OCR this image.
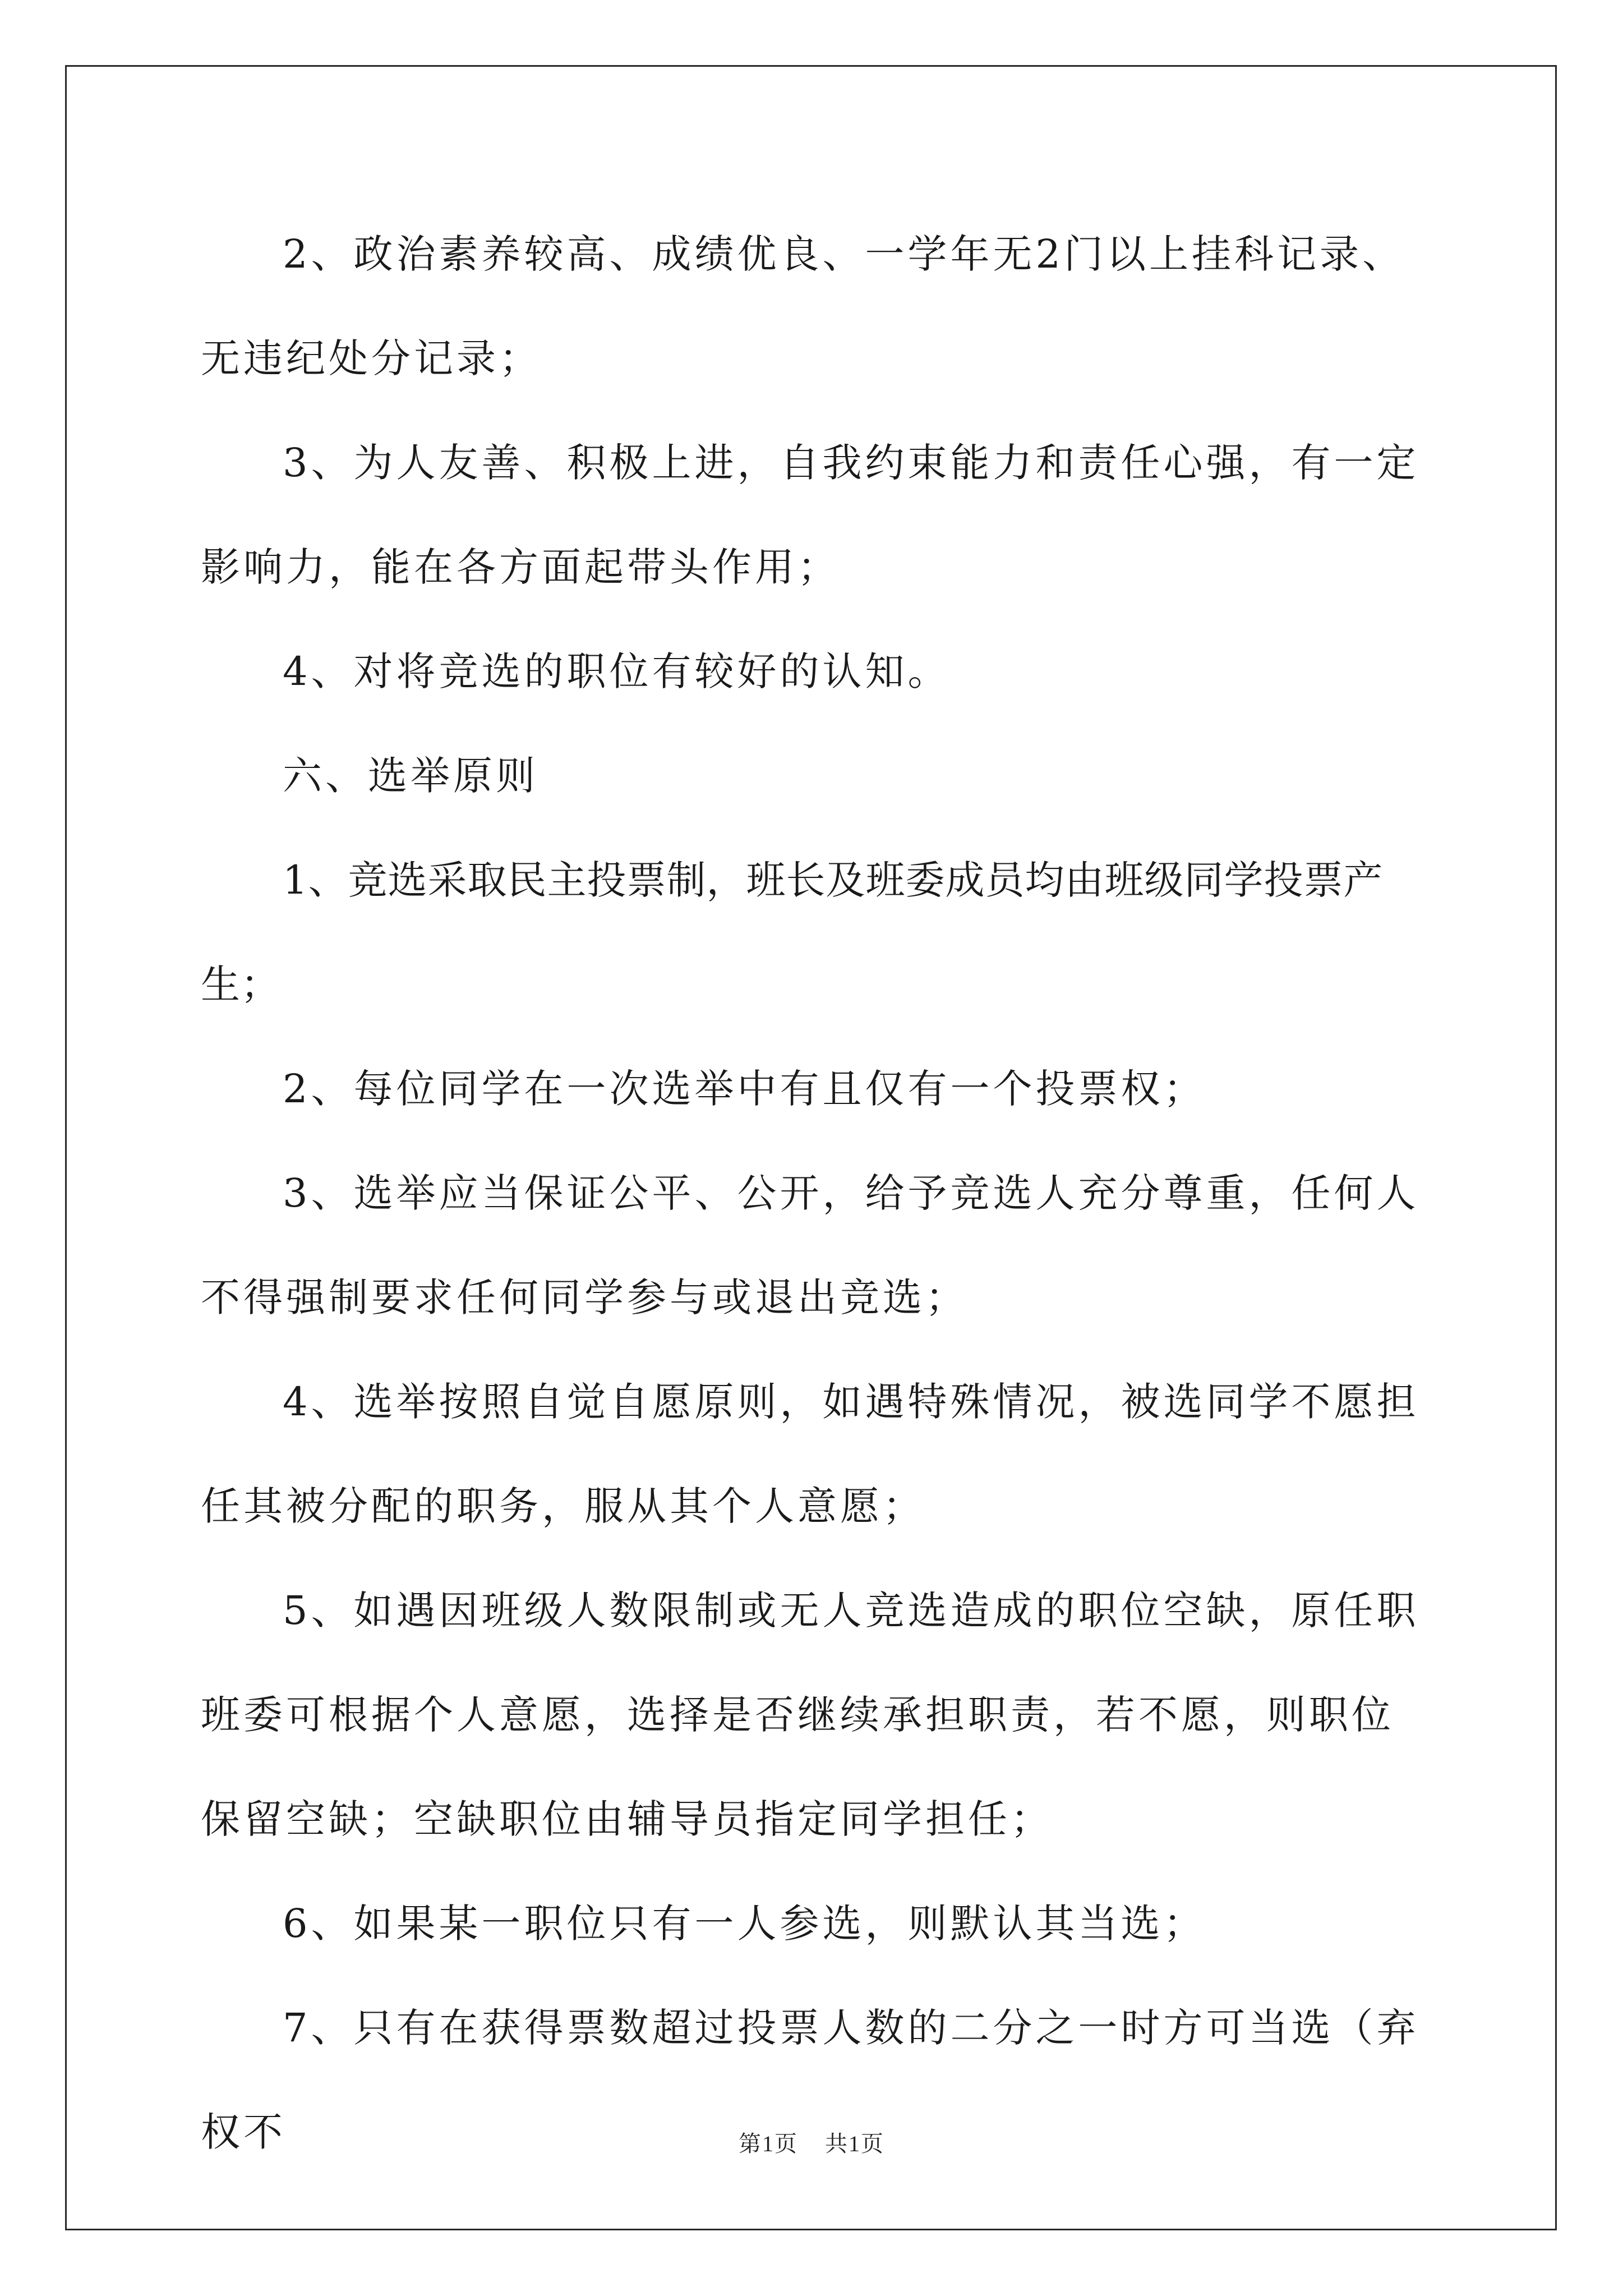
2、政治素养较高、成绩优良、一学年无2门以上挂科记录、无违纪处分记录；

3、为人友善、积极上进，自我约束能力和责任心强，有一定影响力，能在各方面起带头作用；

4、对将竞选的职位有较好的认知。

六、选举原则

1、竞选采取民主投票制，班长及班委成员均由班级同学投票产生；

2、每位同学在一次选举中有且仅有一个投票权；

3、选举应当保证公平、公开，给予竞选人充分尊重，任何人不得强制要求任何同学参与或退出竞选；

4、选举按照自觉自愿原则，如遇特殊情况，被选同学不愿担任其被分配的职务，服从其个人意愿；

5、如遇因班级人数限制或无人竞选造成的职位空缺，原任职班委可根据个人意愿，选择是否继续承担职责，若不愿，则职位保留空缺；空缺职位由辅导员指定同学担任；

6、如果某一职位只有一人参选，则默认其当选；

7、只有在获得票数超过投票人数的二分之一时方可当选（弃权不	第1页 共1页
